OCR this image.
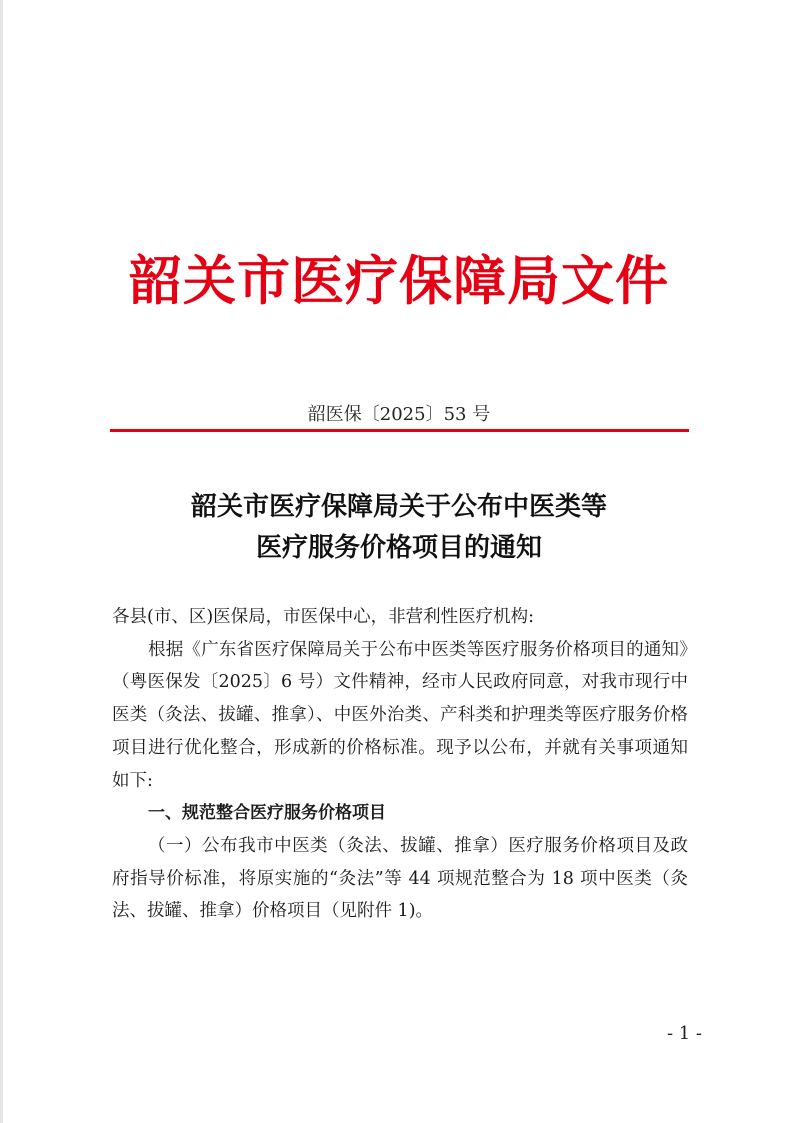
韶关市医疗保障局文件
韶医保〔2025〕53 号
韶关市医疗保障局关于公布中医类等
医疗服务价格项目的通知

各县(市、区)医保局，市医保中心，非营利性医疗机构:

根据《广东省医疗保障局关于公布中医类等医疗服务价格项目的通知》（粤医保发〔2025〕6 号）文件精神，经市人民政府同意，对我市现行中医类（灸法、拔罐、推拿）、中医外治类、产科类和护理类等医疗服务价格项目进行优化整合，形成新的价格标准。现予以公布，并就有关事项通知如下:

一、规范整合医疗服务价格项目

（一）公布我市中医类（灸法、拔罐、推拿）医疗服务价格项目及政府指导价标准，将原实施的“灸法”等 44 项规范整合为 18 项中医类（灸法、拔罐、推拿）价格项目（见附件 1)。

- 1 -
